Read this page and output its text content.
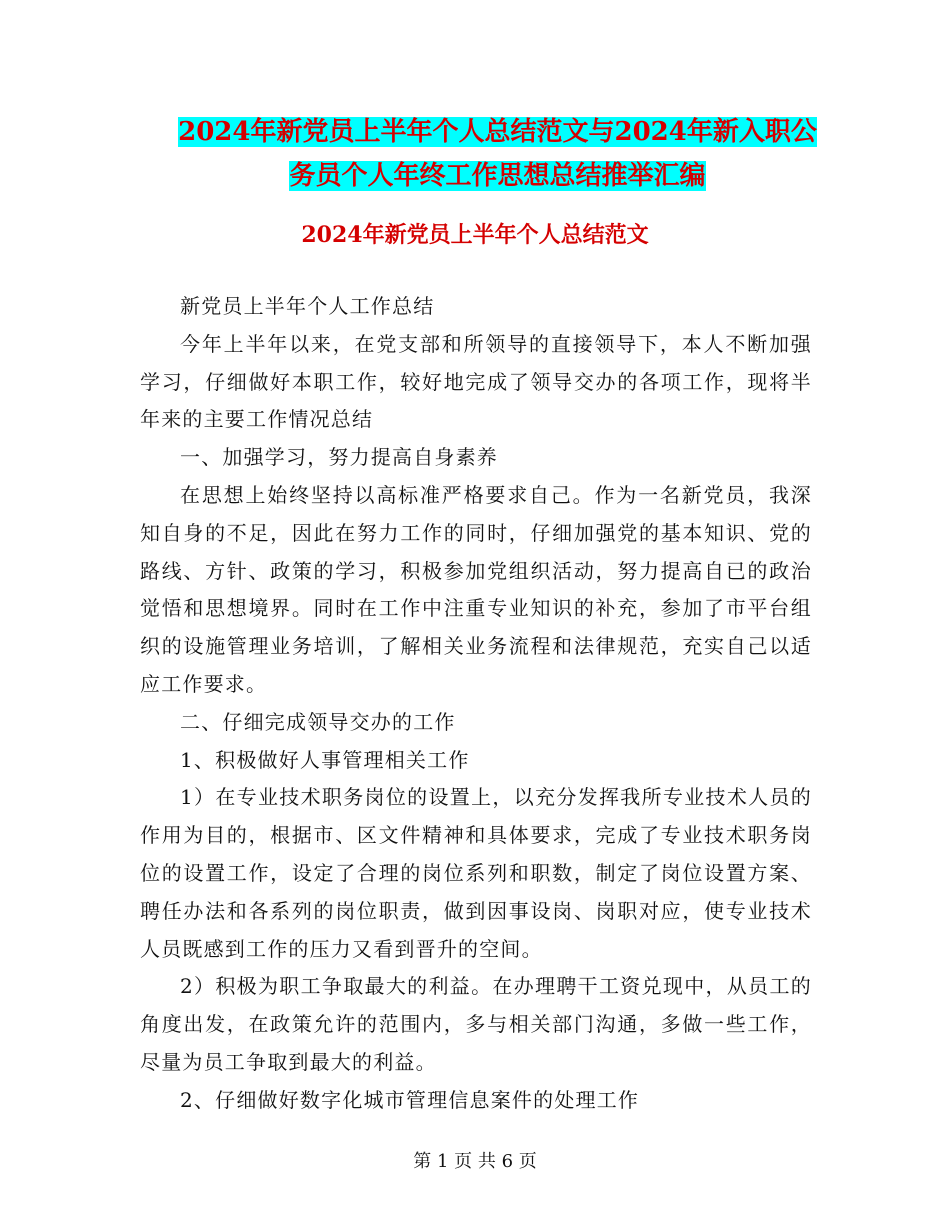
2024年新党员上半年个人总结范文与2024年新入职公
务员个人年终工作思想总结推举汇编
2024年新党员上半年个人总结范文

新党员上半年个人工作总结

今年上半年以来，在党支部和所领导的直接领导下，本人不断加强学习，仔细做好本职工作，较好地完成了领导交办的各项工作，现将半年来的主要工作情况总结

一、加强学习，努力提高自身素养

在思想上始终坚持以高标准严格要求自己。作为一名新党员，我深知自身的不足，因此在努力工作的同时，仔细加强党的基本知识、党的路线、方针、政策的学习，积极参加党组织活动，努力提高自已的政治觉悟和思想境界。同时在工作中注重专业知识的补充，参加了市平台组织的设施管理业务培训，了解相关业务流程和法律规范，充实自己以适应工作要求。

二、仔细完成领导交办的工作

1、积极做好人事管理相关工作

1）在专业技术职务岗位的设置上，以充分发挥我所专业技术人员的作用为目的，根据市、区文件精神和具体要求，完成了专业技术职务岗位的设置工作，设定了合理的岗位系列和职数，制定了岗位设置方案、聘任办法和各系列的岗位职责，做到因事设岗、岗职对应，使专业技术人员既感到工作的压力又看到晋升的空间。

2）积极为职工争取最大的利益。在办理聘干工资兑现中，从员工的角度出发，在政策允许的范围内，多与相关部门沟通，多做一些工作，尽量为员工争取到最大的利益。

2、仔细做好数字化城市管理信息案件的处理工作

第 1 页 共 6 页
